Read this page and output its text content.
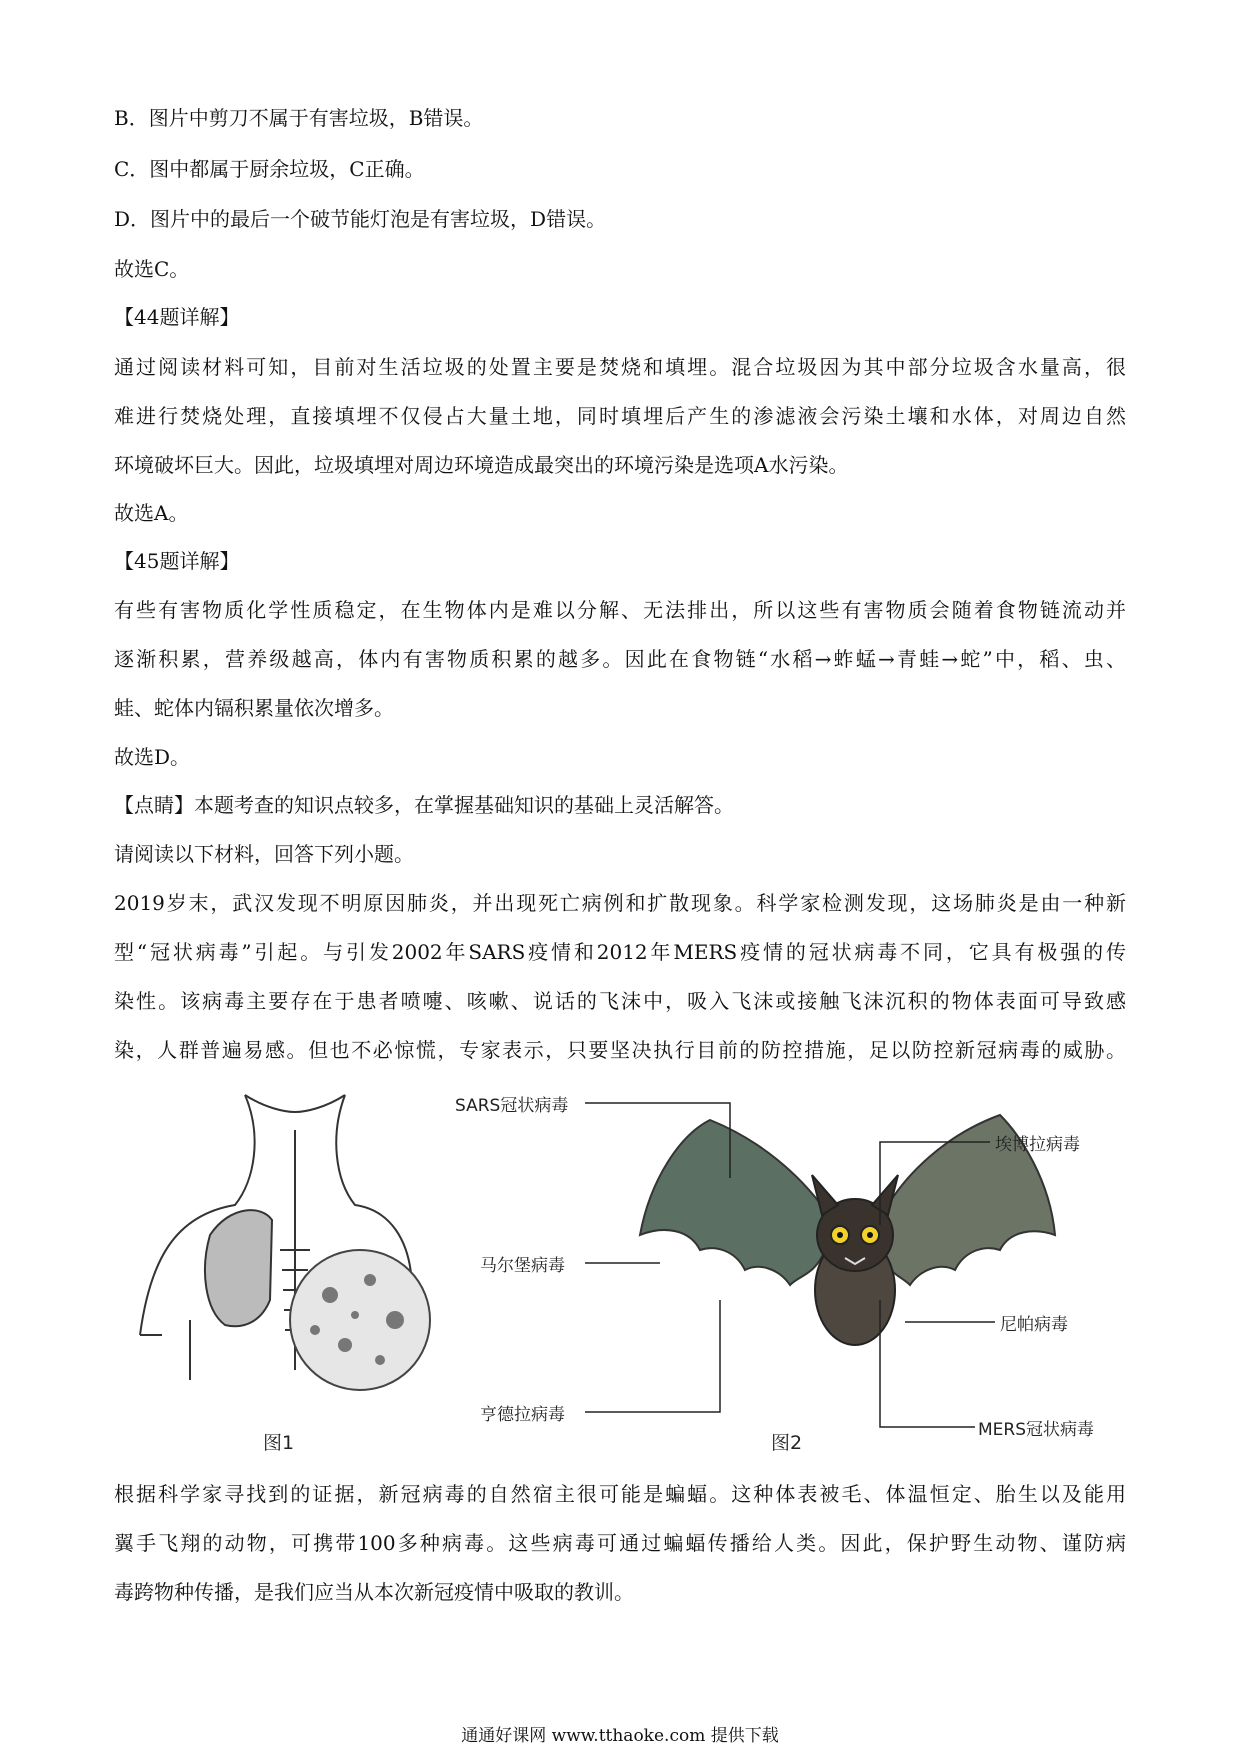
B．图片中剪刀不属于有害垃圾，B错误。
C．图中都属于厨余垃圾，C正确。
D．图片中的最后一个破节能灯泡是有害垃圾，D错误。
故选C。
【44题详解】
通过阅读材料可知，目前对生活垃圾的处置主要是焚烧和填埋。混合垃圾因为其中部分垃圾含水量高，很
难进行焚烧处理，直接填埋不仅侵占大量土地，同时填埋后产生的渗滤液会污染土壤和水体，对周边自然
环境破坏巨大。因此，垃圾填埋对周边环境造成最突出的环境污染是选项A水污染。
故选A。
【45题详解】
有些有害物质化学性质稳定，在生物体内是难以分解、无法排出，所以这些有害物质会随着食物链流动并
逐渐积累，营养级越高，体内有害物质积累的越多。因此在食物链“水稻→蚱蜢→青蛙→蛇”中，稻、虫、
蛙、蛇体内镉积累量依次增多。
故选D。
【点睛】本题考查的知识点较多，在掌握基础知识的基础上灵活解答。
请阅读以下材料，回答下列小题。
2019岁末，武汉发现不明原因肺炎，并出现死亡病例和扩散现象。科学家检测发现，这场肺炎是由一种新
型“冠状病毒”引起。与引发2002年SARS疫情和2012年MERS疫情的冠状病毒不同，它具有极强的传
染性。该病毒主要存在于患者喷嚏、咳嗽、说话的飞沫中，吸入飞沫或接触飞沫沉积的物体表面可导致感
染，人群普遍易感。但也不必惊慌，专家表示，只要坚决执行目前的防控措施，足以防控新冠病毒的威胁。
SARS冠状病毒
埃博拉病毒
马尔堡病毒
尼帕病毒
亨德拉病毒
MERS冠状病毒
图1	图2
根据科学家寻找到的证据，新冠病毒的自然宿主很可能是蝙蝠。这种体表被毛、体温恒定、胎生以及能用
翼手飞翔的动物，可携带100多种病毒。这些病毒可通过蝙蝠传播给人类。因此，保护野生动物、谨防病
毒跨物种传播，是我们应当从本次新冠疫情中吸取的教训。
通通好课网 www.tthaoke.com 提供下载
